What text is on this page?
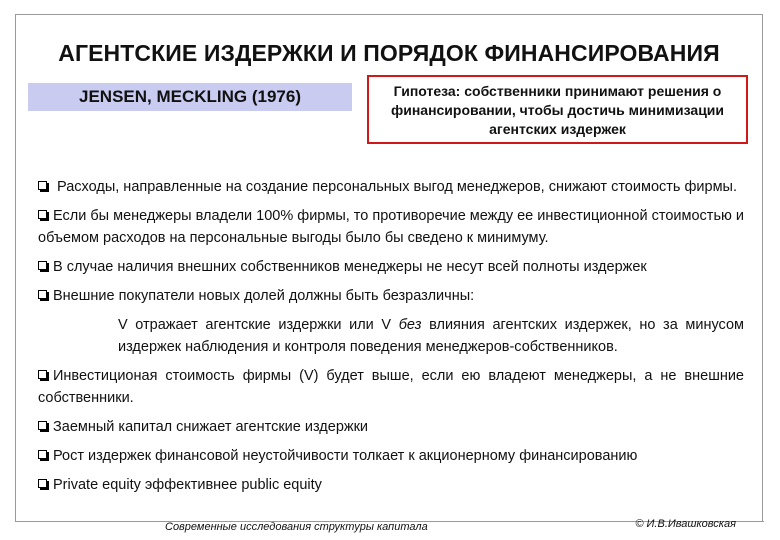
АГЕНТСКИЕ ИЗДЕРЖКИ И ПОРЯДОК ФИНАНСИРОВАНИЯ
JENSEN, MECKLING (1976)	Гипотеза: собственники принимают решения о финансировании, чтобы достичь минимизации агентских издержек

Расходы, направленные на создание персональных выгод менеджеров, снижают стоимость фирмы.

Если бы менеджеры владели 100% фирмы, то противоречие между ее инвестиционной стоимостью и объемом расходов на персональные выгоды было бы сведено к минимуму.

В случае наличия внешних собственников менеджеры не несут всей полноты издержек

Внешние покупатели новых долей должны быть безразличны:

V отражает агентские издержки или V без влияния агентских издержек, но за минусом издержек наблюдения и контроля поведения менеджеров-собственников.

Инвестиционая стоимость фирмы (V) будет выше, если ею владеют менеджеры, а не внешние собственники.

Заемный капитал снижает агентские издержки

Рост издержек финансовой неустойчивости толкает к акционерному финансированию

Private equity эффективнее public equity

Современные исследования структуры капитала	© И.В.Ивашковская
